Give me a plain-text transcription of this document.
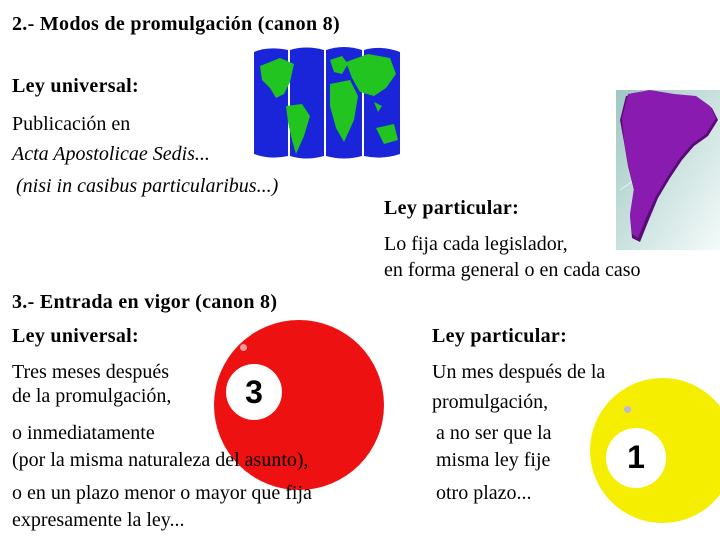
2.- Modos de promulgación (canon 8)
Ley universal:
Publicación en
Acta Apostolicae Sedis...
(nisi in casibus particularibus...)
Ley particular:
Lo fija cada legislador,
en forma general o en cada caso
3.- Entrada en vigor (canon 8)
Ley universal:	Ley particular:
3
1
Tres meses después
de la promulgación,
o inmediatamente
(por la misma naturaleza del asunto),
o en un plazo menor o mayor que fija
expresamente la ley...
Un mes después de la
promulgación,
a no ser que la
misma ley fije
otro plazo...
